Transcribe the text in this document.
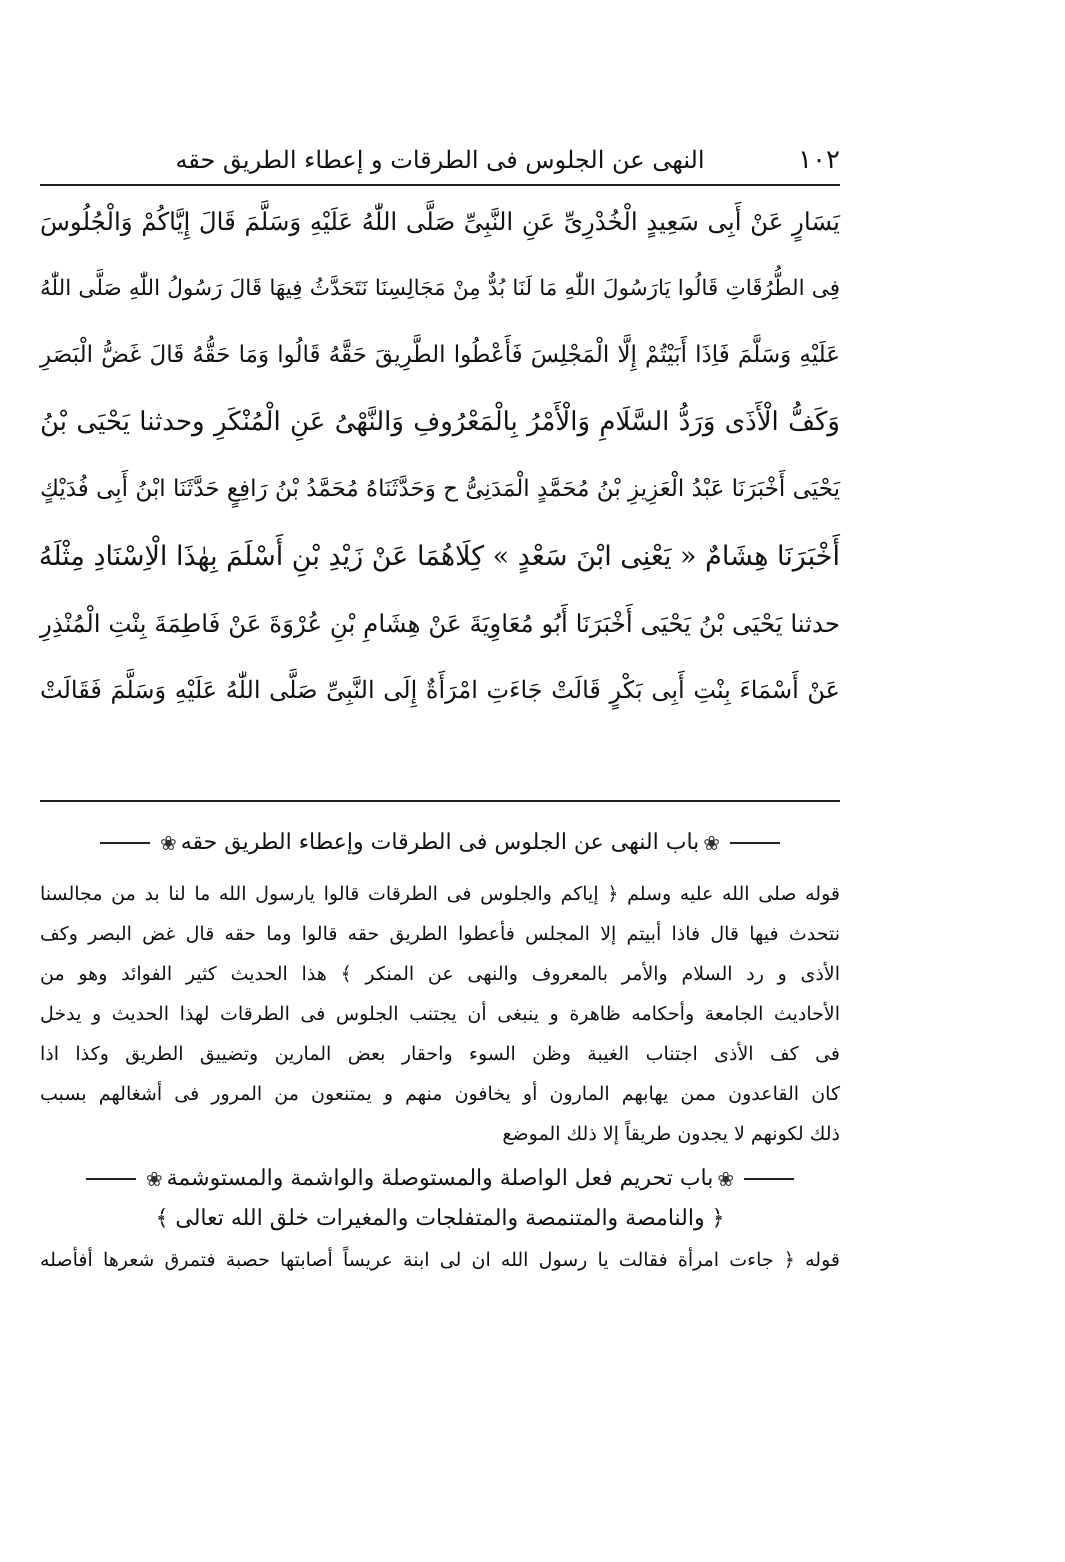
١٠٢
النهى عن الجلوس فى الطرقات و إعطاء الطريق حقه
يَسَارٍ عَنْ أَبِى سَعِيدٍ الْخُدْرِىِّ عَنِ النَّبِىِّ صَلَّى اللّٰهُ عَلَيْهِ وَسَلَّمَ قَالَ إِيَّاكُمْ وَالْجُلُوسَ
فِى الطُّرُقَاتِ قَالُوا يَارَسُولَ اللّٰهِ مَا لَنَا بُدٌّ مِنْ مَجَالِسِنَا نَتَحَدَّثُ فِيهَا قَالَ رَسُولُ اللّٰهِ صَلَّى اللّٰهُ
عَلَيْهِ وَسَلَّمَ فَاِذَا أَبَيْتُمْ إِلَّا الْمَجْلِسَ فَأَعْطُوا الطَّرِيقَ حَقَّهُ قَالُوا وَمَا حَقُّهُ قَالَ غَضُّ الْبَصَرِ
وَكَفُّ الْأَذَى وَرَدُّ السَّلَامِ وَالْأَمْرُ بِالْمَعْرُوفِ وَالنَّهْىُ عَنِ الْمُنْكَرِ وحدثنا يَحْيَى بْنُ
يَحْيَى أَخْبَرَنَا عَبْدُ الْعَزِيزِ بْنُ مُحَمَّدٍ الْمَدَنِىُّ ح وَحَدَّثَنَاهُ مُحَمَّدُ بْنُ رَافِعٍ حَدَّثَنَا ابْنُ أَبِى فُدَيْكٍ
أَخْبَرَنَا هِشَامٌ « يَعْنِى ابْنَ سَعْدٍ » كِلَاهُمَا عَنْ زَيْدِ بْنِ أَسْلَمَ بِهٰذَا الْاِسْنَادِ مِثْلَهُ
حدثنا يَحْيَى بْنُ يَحْيَى أَخْبَرَنَا أَبُو مُعَاوِيَةَ عَنْ هِشَامِ بْنِ عُرْوَةَ عَنْ فَاطِمَةَ بِنْتِ الْمُنْذِرِ
عَنْ أَسْمَاءَ بِنْتِ أَبِى بَكْرٍ قَالَتْ جَاءَتِ امْرَأَةٌ إِلَى النَّبِىِّ صَلَّى اللّٰهُ عَلَيْهِ وَسَلَّمَ فَقَالَتْ
❀باب النهى عن الجلوس فى الطرقات وإعطاء الطريق حقه❀
قوله صلى الله عليه وسلم ﴿ إياكم والجلوس فى الطرقات قالوا يارسول الله ما لنا بد من مجالسنا
نتحدث فيها قال فاذا أبيتم إلا المجلس فأعطوا الطريق حقه قالوا وما حقه قال غض البصر وكف
الأذى و رد السلام والأمر بالمعروف والنهى عن المنكر ﴾ هذا الحديث كثير الفوائد وهو من
الأحاديث الجامعة وأحكامه ظاهرة و ينبغى أن يجتنب الجلوس فى الطرقات لهذا الحديث و يدخل
فى كف الأذى اجتناب الغيبة وظن السوء واحقار بعض المارين وتضييق الطريق وكذا اذا
كان القاعدون ممن يهابهم المارون أو يخافون منهم و يمتنعون من المرور فى أشغالهم بسبب
ذلك لكونهم لا يجدون طريقاً إلا ذلك الموضع
❀باب تحريم فعل الواصلة والمستوصلة والواشمة والمستوشمة❀
﴿ والنامصة والمتنمصة والمتفلجات والمغيرات خلق الله تعالى ﴾
قوله ﴿ جاءت امرأة فقالت يا رسول الله ان لى ابنة عريساً أصابتها حصبة فتمرق شعرها أفأصله
